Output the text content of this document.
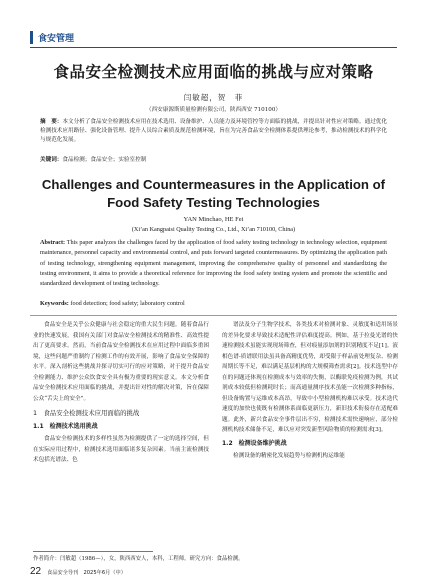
食安管理
食品安全检测技术应用面临的挑战与应对策略
闫敏超，贺　菲
（西安康源斯质量检测有限公司，陕西西安 710100）
摘　要：本文分析了食品安全检测技术应用在技术选用、设备维护、人员能力及环境管控等方面临的挑战，并提出针对性应对策略。通过优化检测技术应用路径、强化设备管理、提升人员综合素质及规范检测环境，旨在为完善食品安全检测体系提供理论参考，推动检测技术的科学化与规范化发展。
关键词：食品检测；食品安全；实验室控制
Challenges and Countermeasures in the Application of Food Safety Testing Technologies
YAN Minchao, HE Fei
(Xi’an Kangpaisi Quality Testing Co., Ltd., Xi’an 710100, China)
Abstract: This paper analyzes the challenges faced by the application of food safety testing technology in technology selection, equipment maintenance, personnel capacity and environmental control, and puts forward targeted countermeasures. By optimizing the application path of testing technology, strengthening equipment management, improving the comprehensive quality of personnel and standardizing the testing environment, it aims to provide a theoretical reference for improving the food safety testing system and promote the scientific and standardized development of testing technology.
Keywords: food detection; food safety; laboratory control

食品安全是关乎公众健康与社会稳定的重大民生问题。随着食品行业的快速发展，我国有关部门对食品安全检测技术的精准性、高效性提出了更高要求。然而，当前食品安全检测技术在应用过程中面临多重困境，这些问题严重制约了检测工作的有效开展，影响了食品安全保障的水平。深入剖析这些挑战并探寻切实可行的应对策略，对于提升食品安全检测能力、维护公众饮食安全具有极为重要的现实意义。本文分析食品安全检测技术应用面临的挑战，并提出针对性的解决对策，旨在保障公众“舌尖上的安全”。

1　食品安全检测技术应用面临的挑战
1.1　检测技术选用挑战

食品安全检测技术的多样性虽然为检测提供了一定的选择空间，但在实际应用过程中，检测技术选用面临诸多复杂因素。当前主流检测技术包括光谱法、色

谱法及分子生物学技术，各类技术对检测对象、灵敏度和适用场景的差异化要求导致技术适配性评估难度提高。例如，基于拉曼光谱的快速检测技术虽能实现现场筛查，但对痕量添加剂的识别精度不足[1]。液相色谱-质谱联用法虽具备高精度优势，却受限于样品前处理复杂、检测周期长等不足，难以满足基层机构的大规模筛查需求[2]。技术选型中存在的问题还体现在检测成本与效率的失衡，以酶联免疫检测为例，其试剂成本较低但检测耗时长；而高通量测序技术虽能一次检测多种指标，但设备购置与运维成本高昂，导致中小型检测机构难以承受。技术迭代速度的加快也使既有检测体系面临更新压力，新旧技术衔接存在适配难题。此外，新兴食品安全事件层出不穷，检测技术需快速响应，部分检测机构技术储备不足，难以应对突发新型风险物质的检测需求[3]。

1.2　检测设备维护挑战

检测设备的精密化发展趋势与检测机构运维能

作者简介：闫敏超（1986—），女，陕西西安人，本科，工程师。研究方向：食品检测。
22 食品安全导刊　2025年6月（中）
